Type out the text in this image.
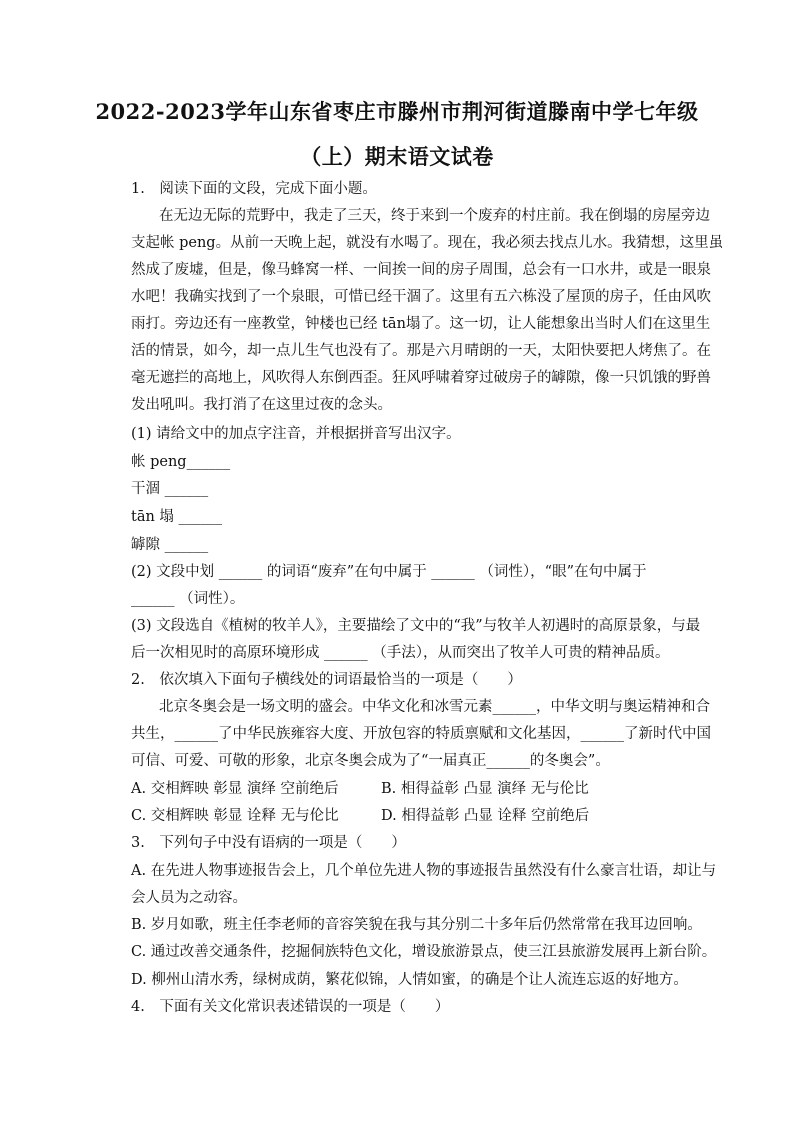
2022-2023学年山东省枣庄市滕州市荆河街道滕南中学七年级
（上）期末语文试卷
1.　阅读下面的文段，完成下面小题。
在无边无际的荒野中，我走了三天，终于来到一个废弃的村庄前。我在倒塌的房屋旁边
支起帐 peng。从前一天晚上起，就没有水喝了。现在，我必须去找点儿水。我猜想，这里虽
然成了废墟，但是，像马蜂窝一样、一间挨一间的房子周围，总会有一口水井，或是一眼泉
水吧！我确实找到了一个泉眼，可惜已经干涸了。这里有五六栋没了屋顶的房子，任由风吹
雨打。旁边还有一座教堂，钟楼也已经 tān塌了。这一切，让人能想象出当时人们在这里生
活的情景，如今，却一点儿生气也没有了。那是六月晴朗的一天，太阳快要把人烤焦了。在
毫无遮拦的高地上，风吹得人东倒西歪。狂风呼啸着穿过破房子的罅隙，像一只饥饿的野兽
发出吼叫。我打消了在这里过夜的念头。
(1) 请给文中的加点字注音，并根据拼音写出汉字。
帐 peng______
干涸 ______
tān 塌 ______
罅隙 ______
(2) 文段中划 ______ 的词语“废弃”在句中属于 ______ （词性），“眼”在句中属于
______ （词性）。
(3) 文段选自《植树的牧羊人》，主要描绘了文中的“我”与牧羊人初遇时的高原景象，与最
后一次相见时的高原环境形成 ______ （手法），从而突出了牧羊人可贵的精神品质。
2.　依次填入下面句子横线处的词语最恰当的一项是（　　）
北京冬奥会是一场文明的盛会。中华文化和冰雪元素______，中华文明与奥运精神和合
共生，______了中华民族雍容大度、开放包容的特质禀赋和文化基因，______了新时代中国
可信、可爱、可敬的形象，北京冬奥会成为了“一届真正______的冬奥会”。
A. 交相辉映 彰显 演绎 空前绝后	B. 相得益彰 凸显 演绎 无与伦比
C. 交相辉映 彰显 诠释 无与伦比	D. 相得益彰 凸显 诠释 空前绝后
3.　下列句子中没有语病的一项是（　　）
A. 在先进人物事迹报告会上，几个单位先进人物的事迹报告虽然没有什么豪言壮语，却让与
会人员为之动容。
B. 岁月如歌，班主任李老师的音容笑貌在我与其分别二十多年后仍然常常在我耳边回响。
C. 通过改善交通条件，挖掘侗族特色文化，增设旅游景点，使三江县旅游发展再上新台阶。
D. 柳州山清水秀，绿树成荫，繁花似锦，人情如蜜，的确是个让人流连忘返的好地方。
4.　下面有关文化常识表述错误的一项是（　　）
